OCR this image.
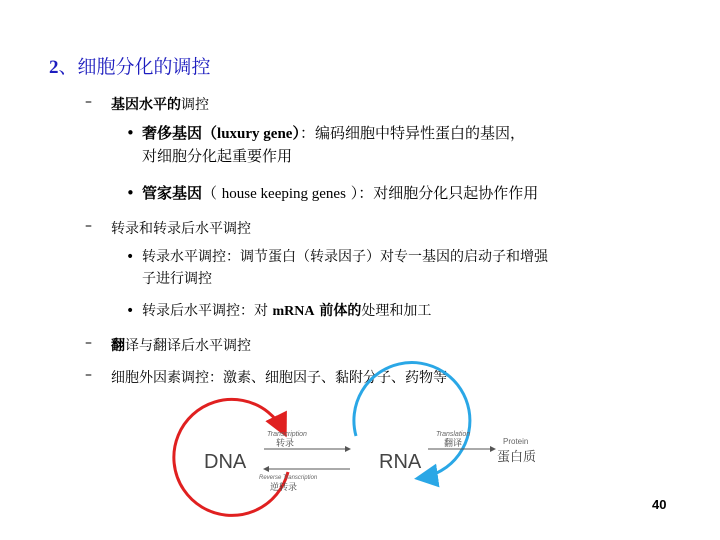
2、细胞分化的调控
– 基因水平的调控
• 奢侈基因（luxury gene）：编码细胞中特异性蛋白的基因，
对细胞分化起重要作用
• 管家基因（ house keeping genes ）：对细胞分化只起协作作用
– 转录和转录后水平调控
• 转录水平调控：调节蛋白（转录因子）对专一基因的启动子和增强
子进行调控
• 转录后水平调控：对 mRNA 前体的处理和加工
– 翻译与翻译后水平调控
– 细胞外因素调控：激素、细胞因子、黏附分子、药物等
DNA	RNA
Transcription
转录
Reverse Transcription
逆转录
Translation
翻译	Protein
蛋白质
40
